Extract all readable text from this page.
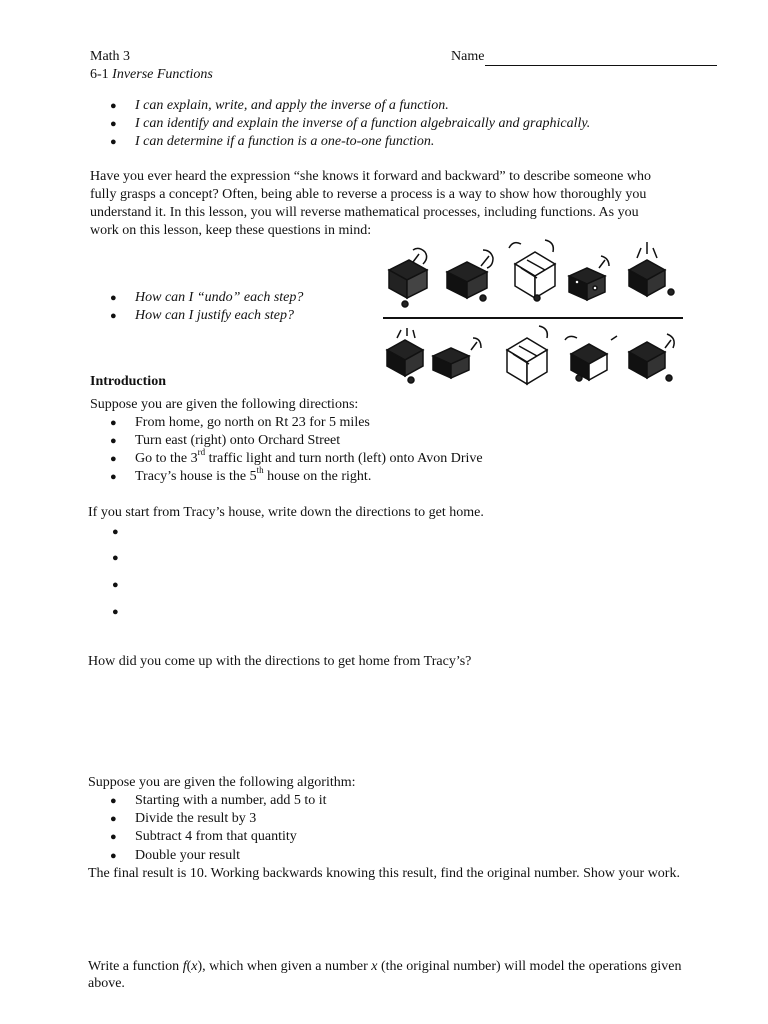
Math 3	Name
6-1 Inverse Functions
●	I can explain, write, and apply the inverse of a function.
●	I can identify and explain the inverse of a function algebraically and graphically.
●	I can determine if a function is a one-to-one function.
Have you ever heard the expression “she knows it forward and backward” to describe someone who
fully grasps a concept? Often, being able to reverse a process is a way to show how thoroughly you
understand it. In this lesson, you will reverse mathematical processes, including functions. As you
work on this lesson, keep these questions in mind:
●	How can I “undo” each step?
●	How can I justify each step?
Introduction
Suppose you are given the following directions:
●	From home, go north on Rt 23 for 5 miles
●	Turn east (right) onto Orchard Street
●	Go to the 3rd traffic light and turn north (left) onto Avon Drive
●	Tracy’s house is the 5th house on the right.
If you start from Tracy’s house, write down the directions to get home.
●
●
●
●
How did you come up with the directions to get home from Tracy’s?
Suppose you are given the following algorithm:
●	Starting with a number, add 5 to it
●	Divide the result by 3
●	Subtract 4 from that quantity
●	Double your result
The final result is 10. Working backwards knowing this result, find the original number. Show your work.
Write a function f(x), which when given a number x (the original number) will model the operations given
above.
